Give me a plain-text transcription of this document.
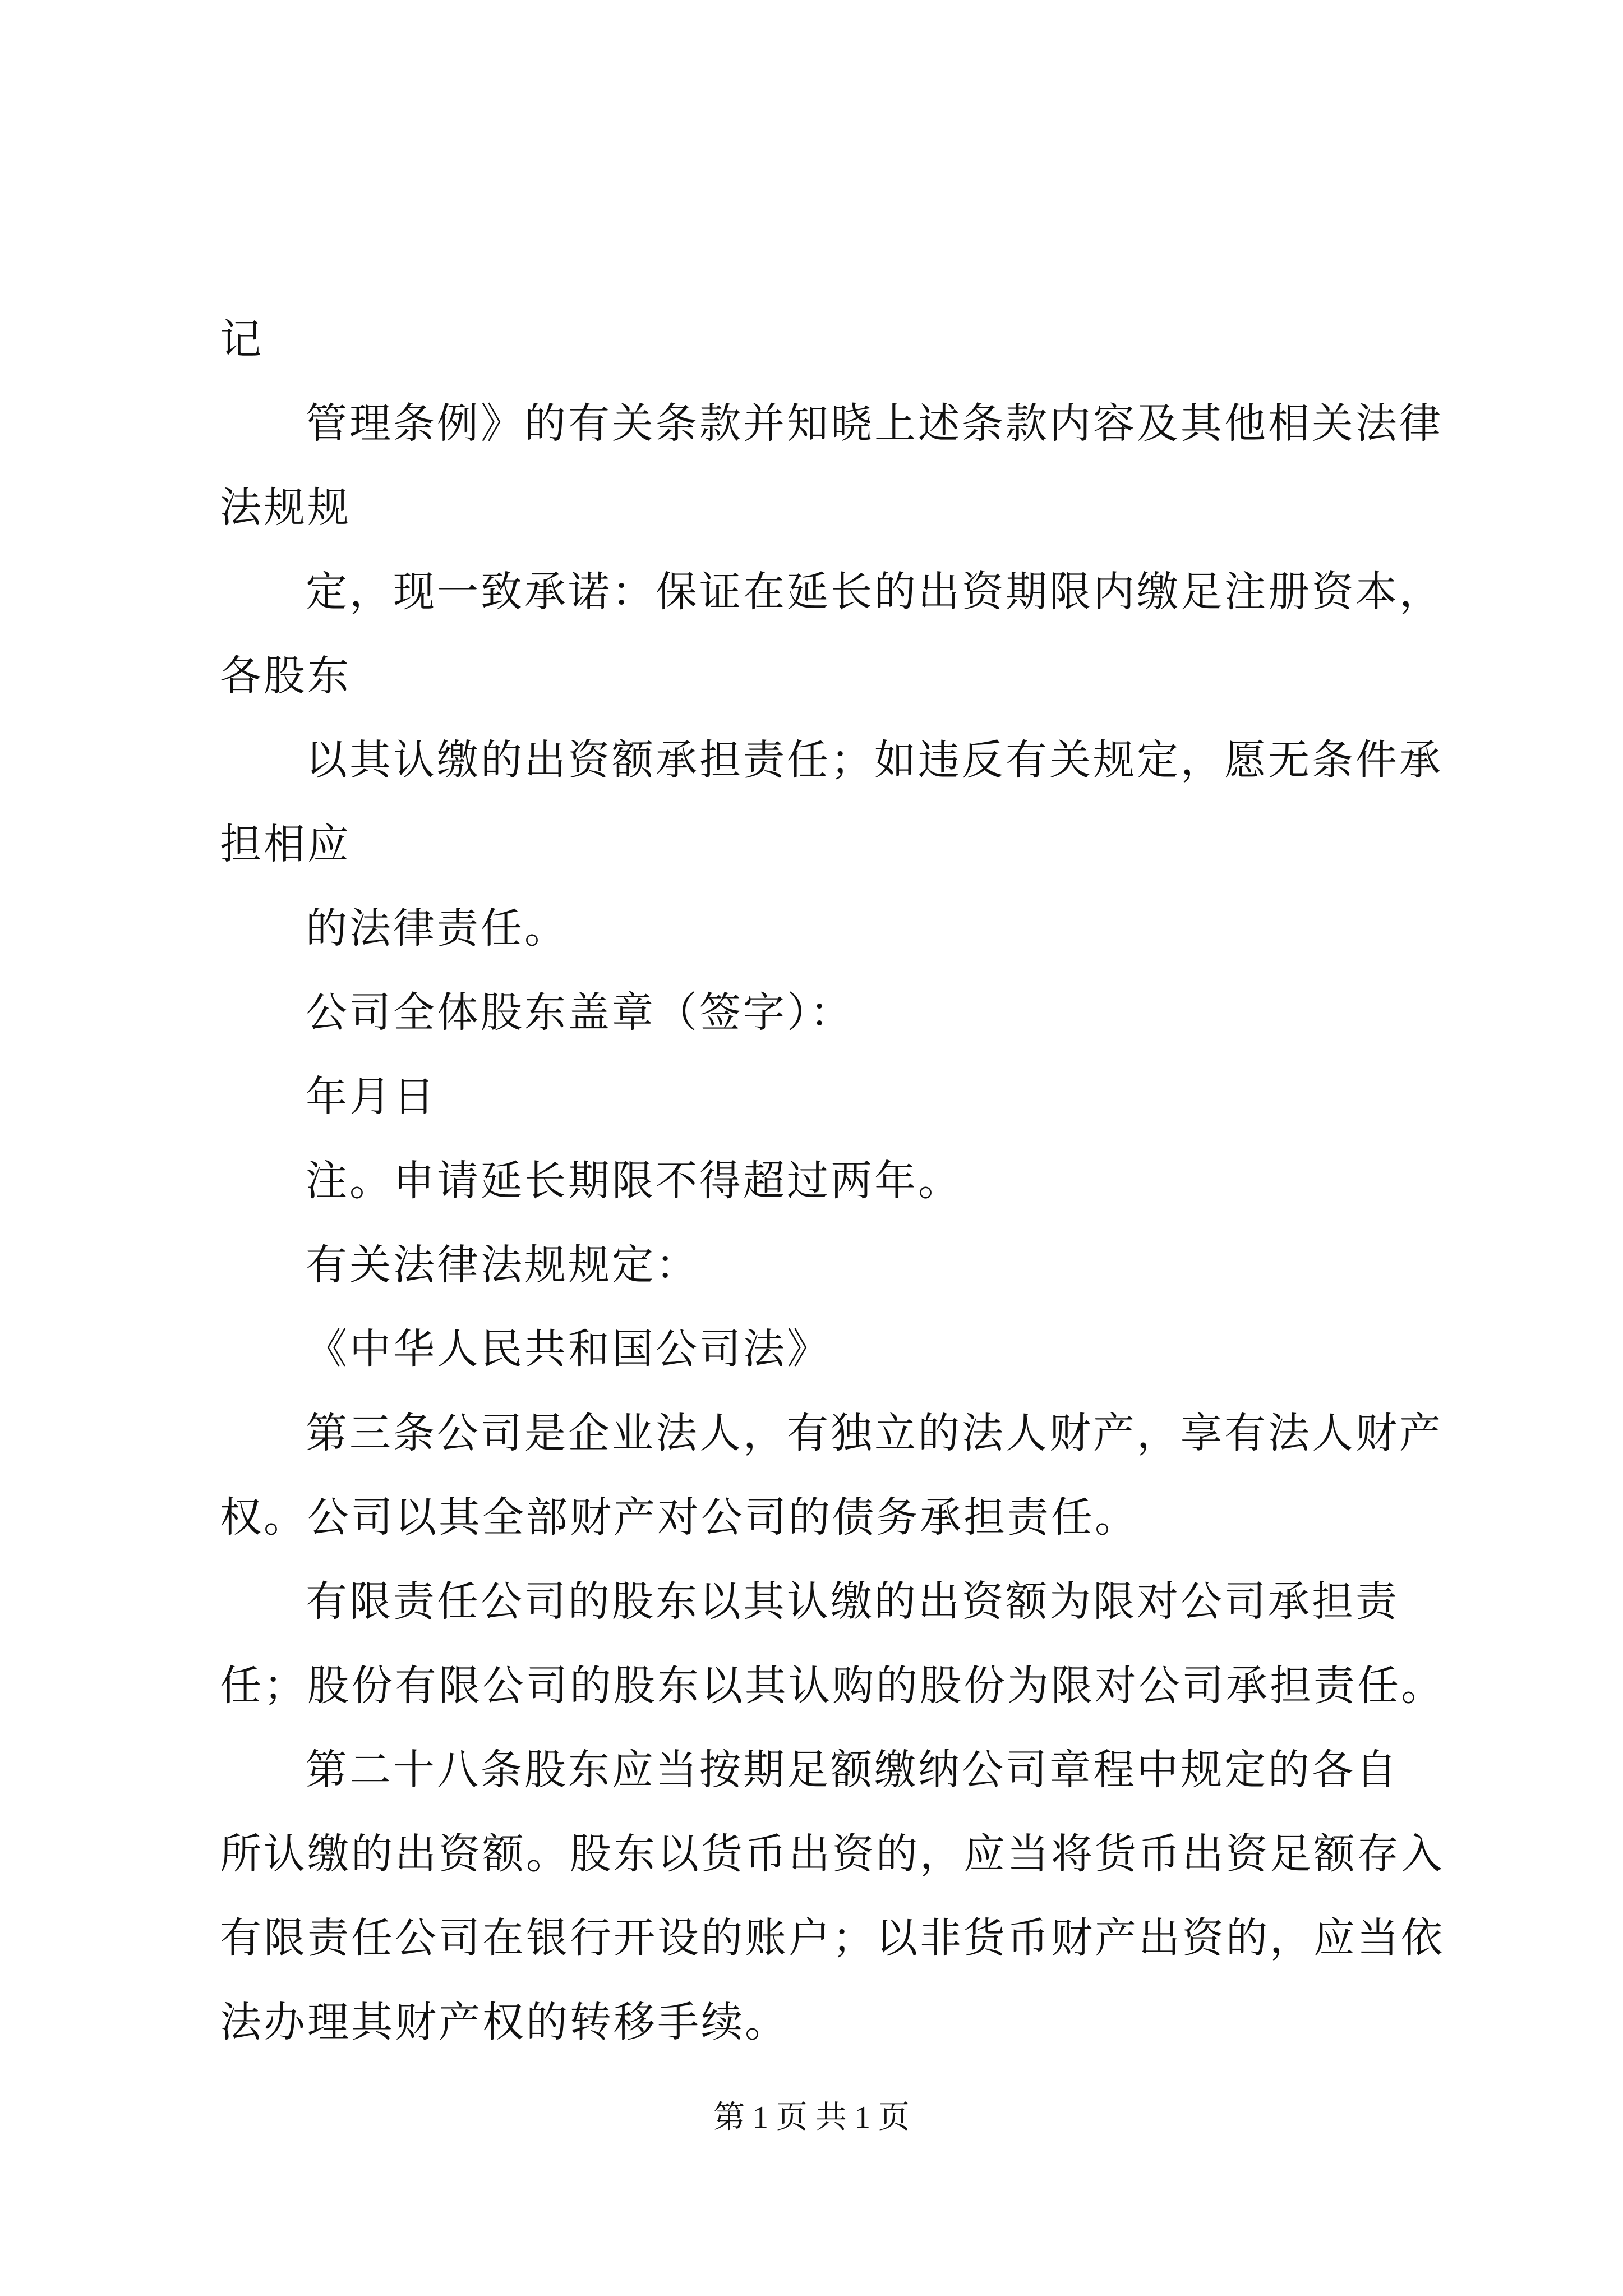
记
管理条例》的有关条款并知晓上述条款内容及其他相关法律
法规规
定，现一致承诺：保证在延长的出资期限内缴足注册资本，
各股东
以其认缴的出资额承担责任；如违反有关规定，愿无条件承
担相应
的法律责任。
公司全体股东盖章（签字）：
年月日
注。申请延长期限不得超过两年。
有关法律法规规定：
《中华人民共和国公司法》
第三条公司是企业法人，有独立的法人财产，享有法人财产
权。公司以其全部财产对公司的债务承担责任。
有限责任公司的股东以其认缴的出资额为限对公司承担责
任；股份有限公司的股东以其认购的股份为限对公司承担责任。
第二十八条股东应当按期足额缴纳公司章程中规定的各自
所认缴的出资额。股东以货币出资的，应当将货币出资足额存入
有限责任公司在银行开设的账户；以非货币财产出资的，应当依
法办理其财产权的转移手续。
第 1 页 共 1 页
